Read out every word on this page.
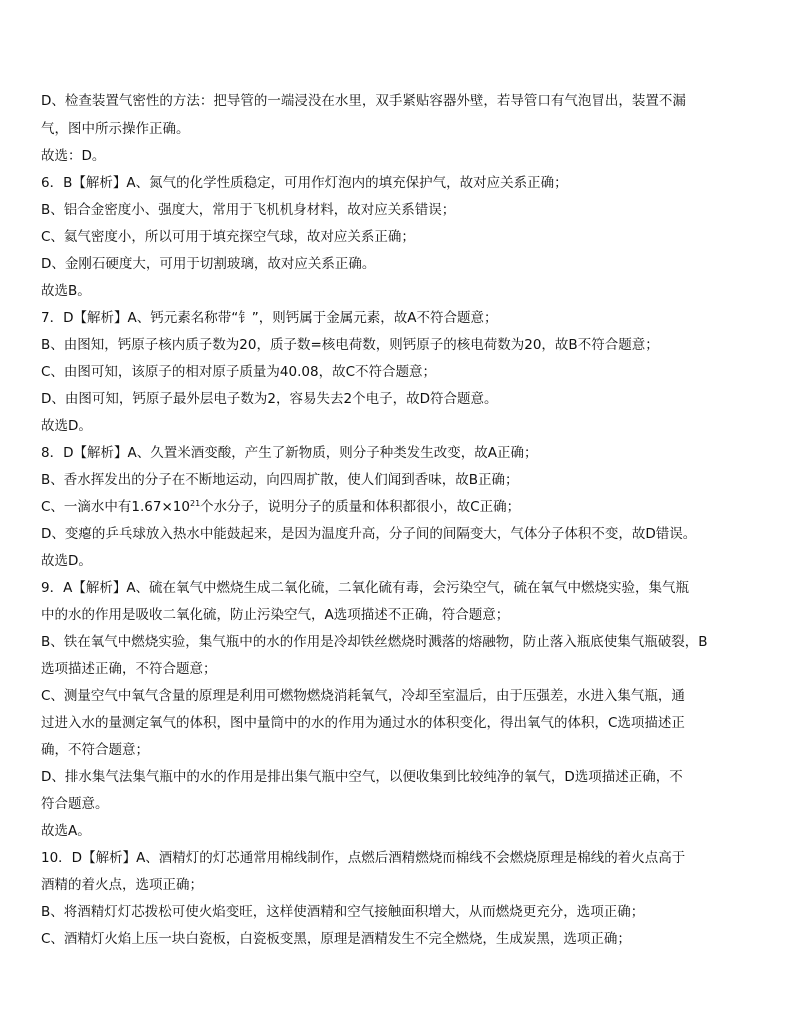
D、检查装置气密性的方法：把导管的一端浸没在水里，双手紧贴容器外壁，若导管口有气泡冒出，装置不漏
气，图中所示操作正确。
故选：D。
6．B【解析】A、氮气的化学性质稳定，可用作灯泡内的填充保护气，故对应关系正确；
B、铝合金密度小、强度大，常用于飞机机身材料，故对应关系错误；
C、氦气密度小，所以可用于填充探空气球，故对应关系正确；
D、金刚石硬度大，可用于切割玻璃，故对应关系正确。
故选B。
7．D【解析】A、钙元素名称带“钅”，则钙属于金属元素，故A不符合题意；
B、由图知，钙原子核内质子数为20，质子数=核电荷数，则钙原子的核电荷数为20，故B不符合题意；
C、由图可知，该原子的相对原子质量为40.08，故C不符合题意；
D、由图可知，钙原子最外层电子数为2，容易失去2个电子，故D符合题意。
故选D。
8．D【解析】A、久置米酒变酸，产生了新物质，则分子种类发生改变，故A正确；
B、香水挥发出的分子在不断地运动，向四周扩散，使人们闻到香味，故B正确；
C、一滴水中有$1.67\times 10^{21}$个水分子，说明分子的质量和体积都很小，故C正确；
D、变瘪的乒乓球放入热水中能鼓起来，是因为温度升高，分子间的间隔变大，气体分子体积不变，故D错误。
故选D。
9．A【解析】A、硫在氧气中燃烧生成二氧化硫，二氧化硫有毒，会污染空气，硫在氧气中燃烧实验，集气瓶
中的水的作用是吸收二氧化硫，防止污染空气，A选项描述不正确，符合题意；
B、铁在氧气中燃烧实验，集气瓶中的水的作用是冷却铁丝燃烧时溅落的熔融物，防止落入瓶底使集气瓶破裂，B
选项描述正确，不符合题意；
C、测量空气中氧气含量的原理是利用可燃物燃烧消耗氧气，冷却至室温后，由于压强差，水进入集气瓶，通
过进入水的量测定氧气的体积，图中量筒中的水的作用为通过水的体积变化，得出氧气的体积，C选项描述正
确，不符合题意；
D、排水集气法集气瓶中的水的作用是排出集气瓶中空气，以便收集到比较纯净的氧气，D选项描述正确，不
符合题意。
故选A。
10．D【解析】A、酒精灯的灯芯通常用棉线制作，点燃后酒精燃烧而棉线不会燃烧原理是棉线的着火点高于
酒精的着火点，选项正确；
B、将酒精灯灯芯拨松可使火焰变旺，这样使酒精和空气接触面积增大，从而燃烧更充分，选项正确；
C、酒精灯火焰上压一块白瓷板，白瓷板变黑，原理是酒精发生不完全燃烧，生成炭黑，选项正确；
